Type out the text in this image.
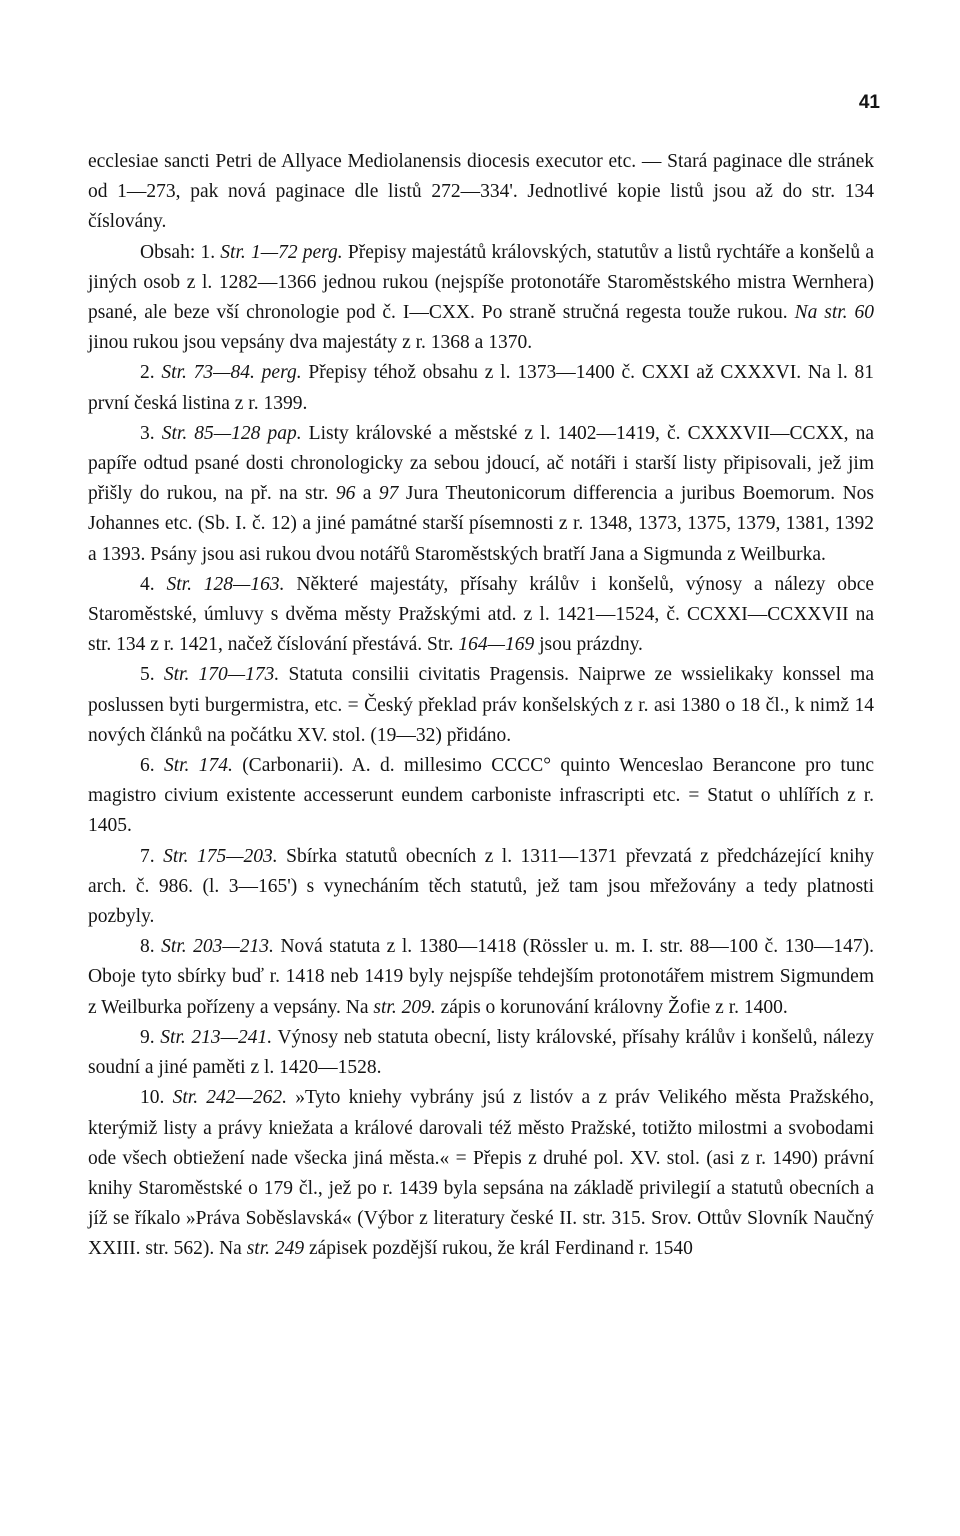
41

ecclesiae sancti Petri de Allyace Mediolanensis diocesis executor etc. — Stará paginace dle stránek od 1—273, pak nová paginace dle listů 272—334'. Jednotlivé kopie listů jsou až do str. 134 číslovány.

Obsah: 1. Str. 1—72 perg. Přepisy majestátů královských, statutův a listů rychtáře a konšelů a jiných osob z l. 1282—1366 jednou rukou (nejspíše protonotáře Staroměstského mistra Wernhera) psané, ale beze vší chronologie pod č. I—CXX. Po straně stručná regesta touže rukou. Na str. 60 jinou rukou jsou vepsány dva majestáty z r. 1368 a 1370.

2. Str. 73—84. perg. Přepisy téhož obsahu z l. 1373—1400 č. CXXI až CXXXVI. Na l. 81 první česká listina z r. 1399.

3. Str. 85—128 pap. Listy královské a městské z l. 1402—1419, č. CXXXVII—CCXX, na papíře odtud psané dosti chronologicky za sebou jdoucí, ač notáři i starší listy připisovali, jež jim přišly do rukou, na př. na str. 96 a 97 Jura Theutonicorum differencia a juribus Boemorum. Nos Johannes etc. (Sb. I. č. 12) a jiné památné starší písemnosti z r. 1348, 1373, 1375, 1379, 1381, 1392 a 1393. Psány jsou asi rukou dvou notářů Staroměstských bratří Jana a Sigmunda z Weilburka.

4. Str. 128—163. Některé majestáty, přísahy králův i konšelů, výnosy a nálezy obce Staroměstské, úmluvy s dvěma městy Pražskými atd. z l. 1421—1524, č. CCXXI—CCXXVII na str. 134 z r. 1421, načež číslování přestává. Str. 164—169 jsou prázdny.

5. Str. 170—173. Statuta consilii civitatis Pragensis. Naiprwe ze wssielikaky konssel ma poslussen byti burgermistra, etc. = Český překlad práv konšelských z r. asi 1380 o 18 čl., k nimž 14 nových článků na počátku XV. stol. (19—32) přidáno.

6. Str. 174. (Carbonarii). A. d. millesimo CCCC° quinto Wenceslao Berancone pro tunc magistro civium existente accesserunt eundem carboniste infrascripti etc. = Statut o uhlířích z r. 1405.

7. Str. 175—203. Sbírka statutů obecních z l. 1311—1371 převzatá z předcházející knihy arch. č. 986. (l. 3—165') s vynecháním těch statutů, jež tam jsou mřežovány a tedy platnosti pozbyly.

8. Str. 203—213. Nová statuta z l. 1380—1418 (Rössler u. m. I. str. 88—100 č. 130—147). Oboje tyto sbírky buď r. 1418 neb 1419 byly nejspíše tehdejším protonotářem mistrem Sigmundem z Weilburka pořízeny a vepsány. Na str. 209. zápis o korunování královny Žofie z r. 1400.

9. Str. 213—241. Výnosy neb statuta obecní, listy královské, přísahy králův i konšelů, nálezy soudní a jiné paměti z l. 1420—1528.

10. Str. 242—262. »Tyto kniehy vybrány jsú z listóv a z práv Velikého města Pražského, kterýmiž listy a právy kniežata a králové darovali též město Pražské, totižto milostmi a svobodami ode všech obtiežení nade všecka jiná města.« = Přepis z druhé pol. XV. stol. (asi z r. 1490) právní knihy Staroměstské o 179 čl., jež po r. 1439 byla sepsána na základě privilegií a statutů obecních a jíž se říkalo »Práva Soběslavská« (Výbor z literatury české II. str. 315. Srov. Ottův Slovník Naučný XXIII. str. 562). Na str. 249 zápisek pozdější rukou, že král Ferdinand r. 1540
